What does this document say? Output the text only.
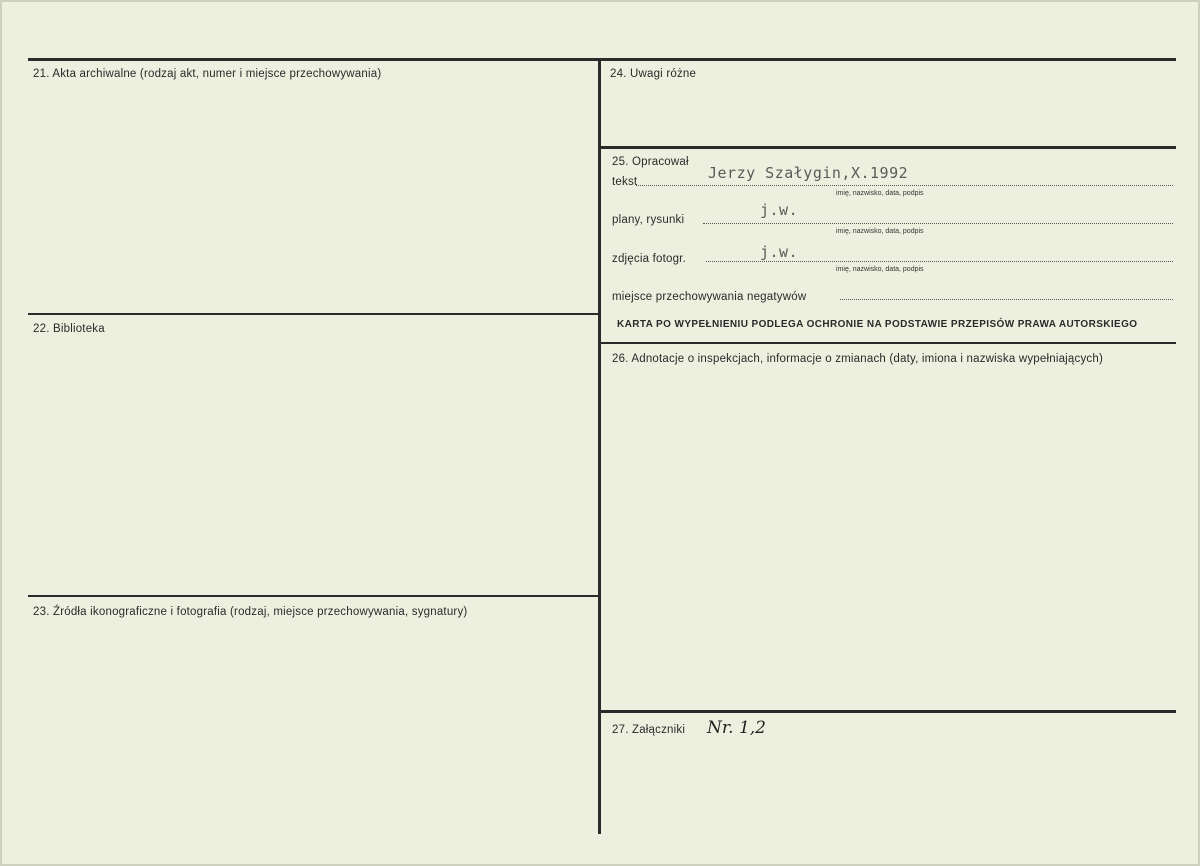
21. Akta archiwalne (rodzaj akt, numer i miejsce przechowywania)
22. Biblioteka
23. Źródła ikonograficzne i fotografia (rodzaj, miejsce przechowywania, sygnatury)
24. Uwagi różne
25. Opracował
tekst	Jerzy Szałygin,X.1992
imię, nazwisko, data, podpis
plany, rysunki
j.w.
imię, nazwisko, data, podpis
zdjęcia fotogr.	j.w.
imię, nazwisko, data, podpis
miejsce przechowywania negatywów
KARTA PO WYPEŁNIENIU PODLEGA OCHRONIE NA PODSTAWIE PRZEPISÓW PRAWA AUTORSKIEGO
26. Adnotacje o inspekcjach, informacje o zmianach (daty, imiona i nazwiska wypełniających)
27. Załączniki Nr. 1,2
